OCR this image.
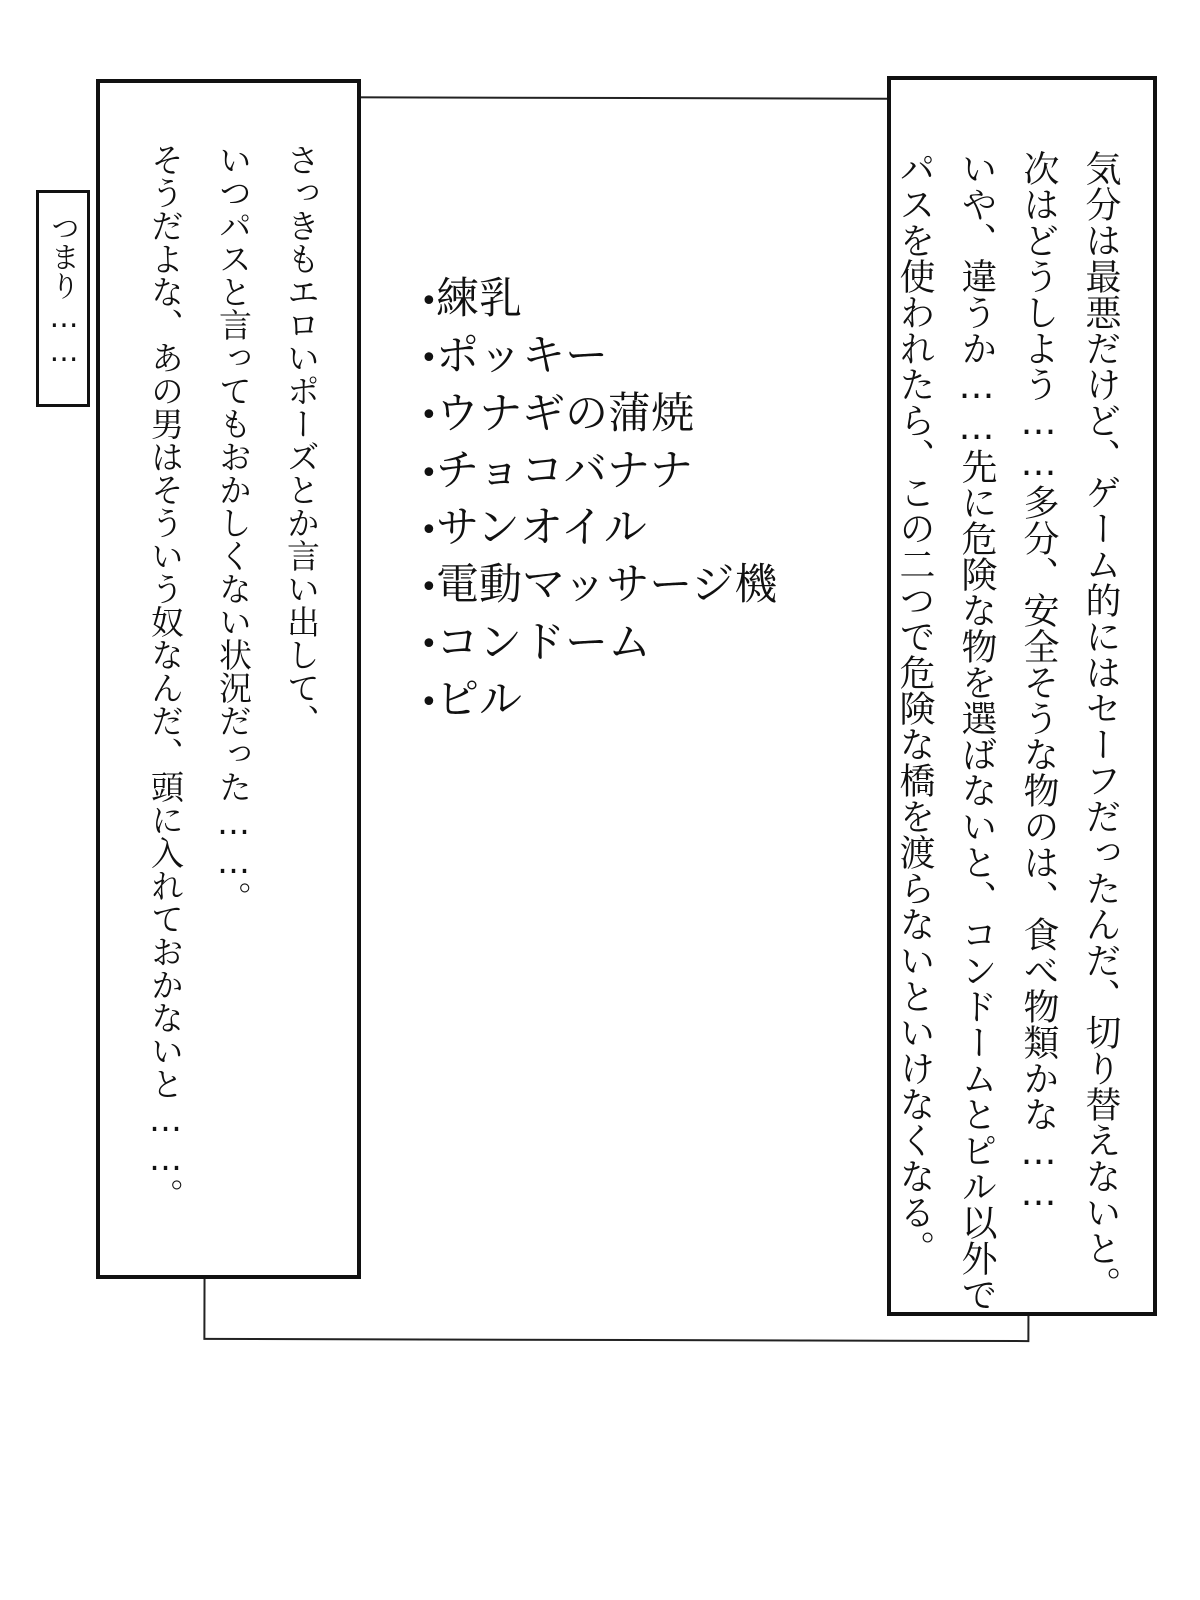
つまり……	さっきもエロいポーズとか言い出して、
いつパスと言ってもおかしくない状況だった……。
そうだよな、あの男はそういう奴なんだ、頭に入れておかないと……。	•練乳
•ポッキー
•ウナギの蒲焼
•チョコバナナ
•サンオイル
•電動マッサージ機
•コンドーム
•ピル	気分は最悪だけど、ゲーム的にはセーフだったんだ、切り替えないと。
次はどうしよう……多分、安全そうな物のは、食べ物類かな……
いや、違うか……先に危険な物を選ばないと、コンドームとピル以外で
パスを使われたら、この二つで危険な橋を渡らないといけなくなる。
